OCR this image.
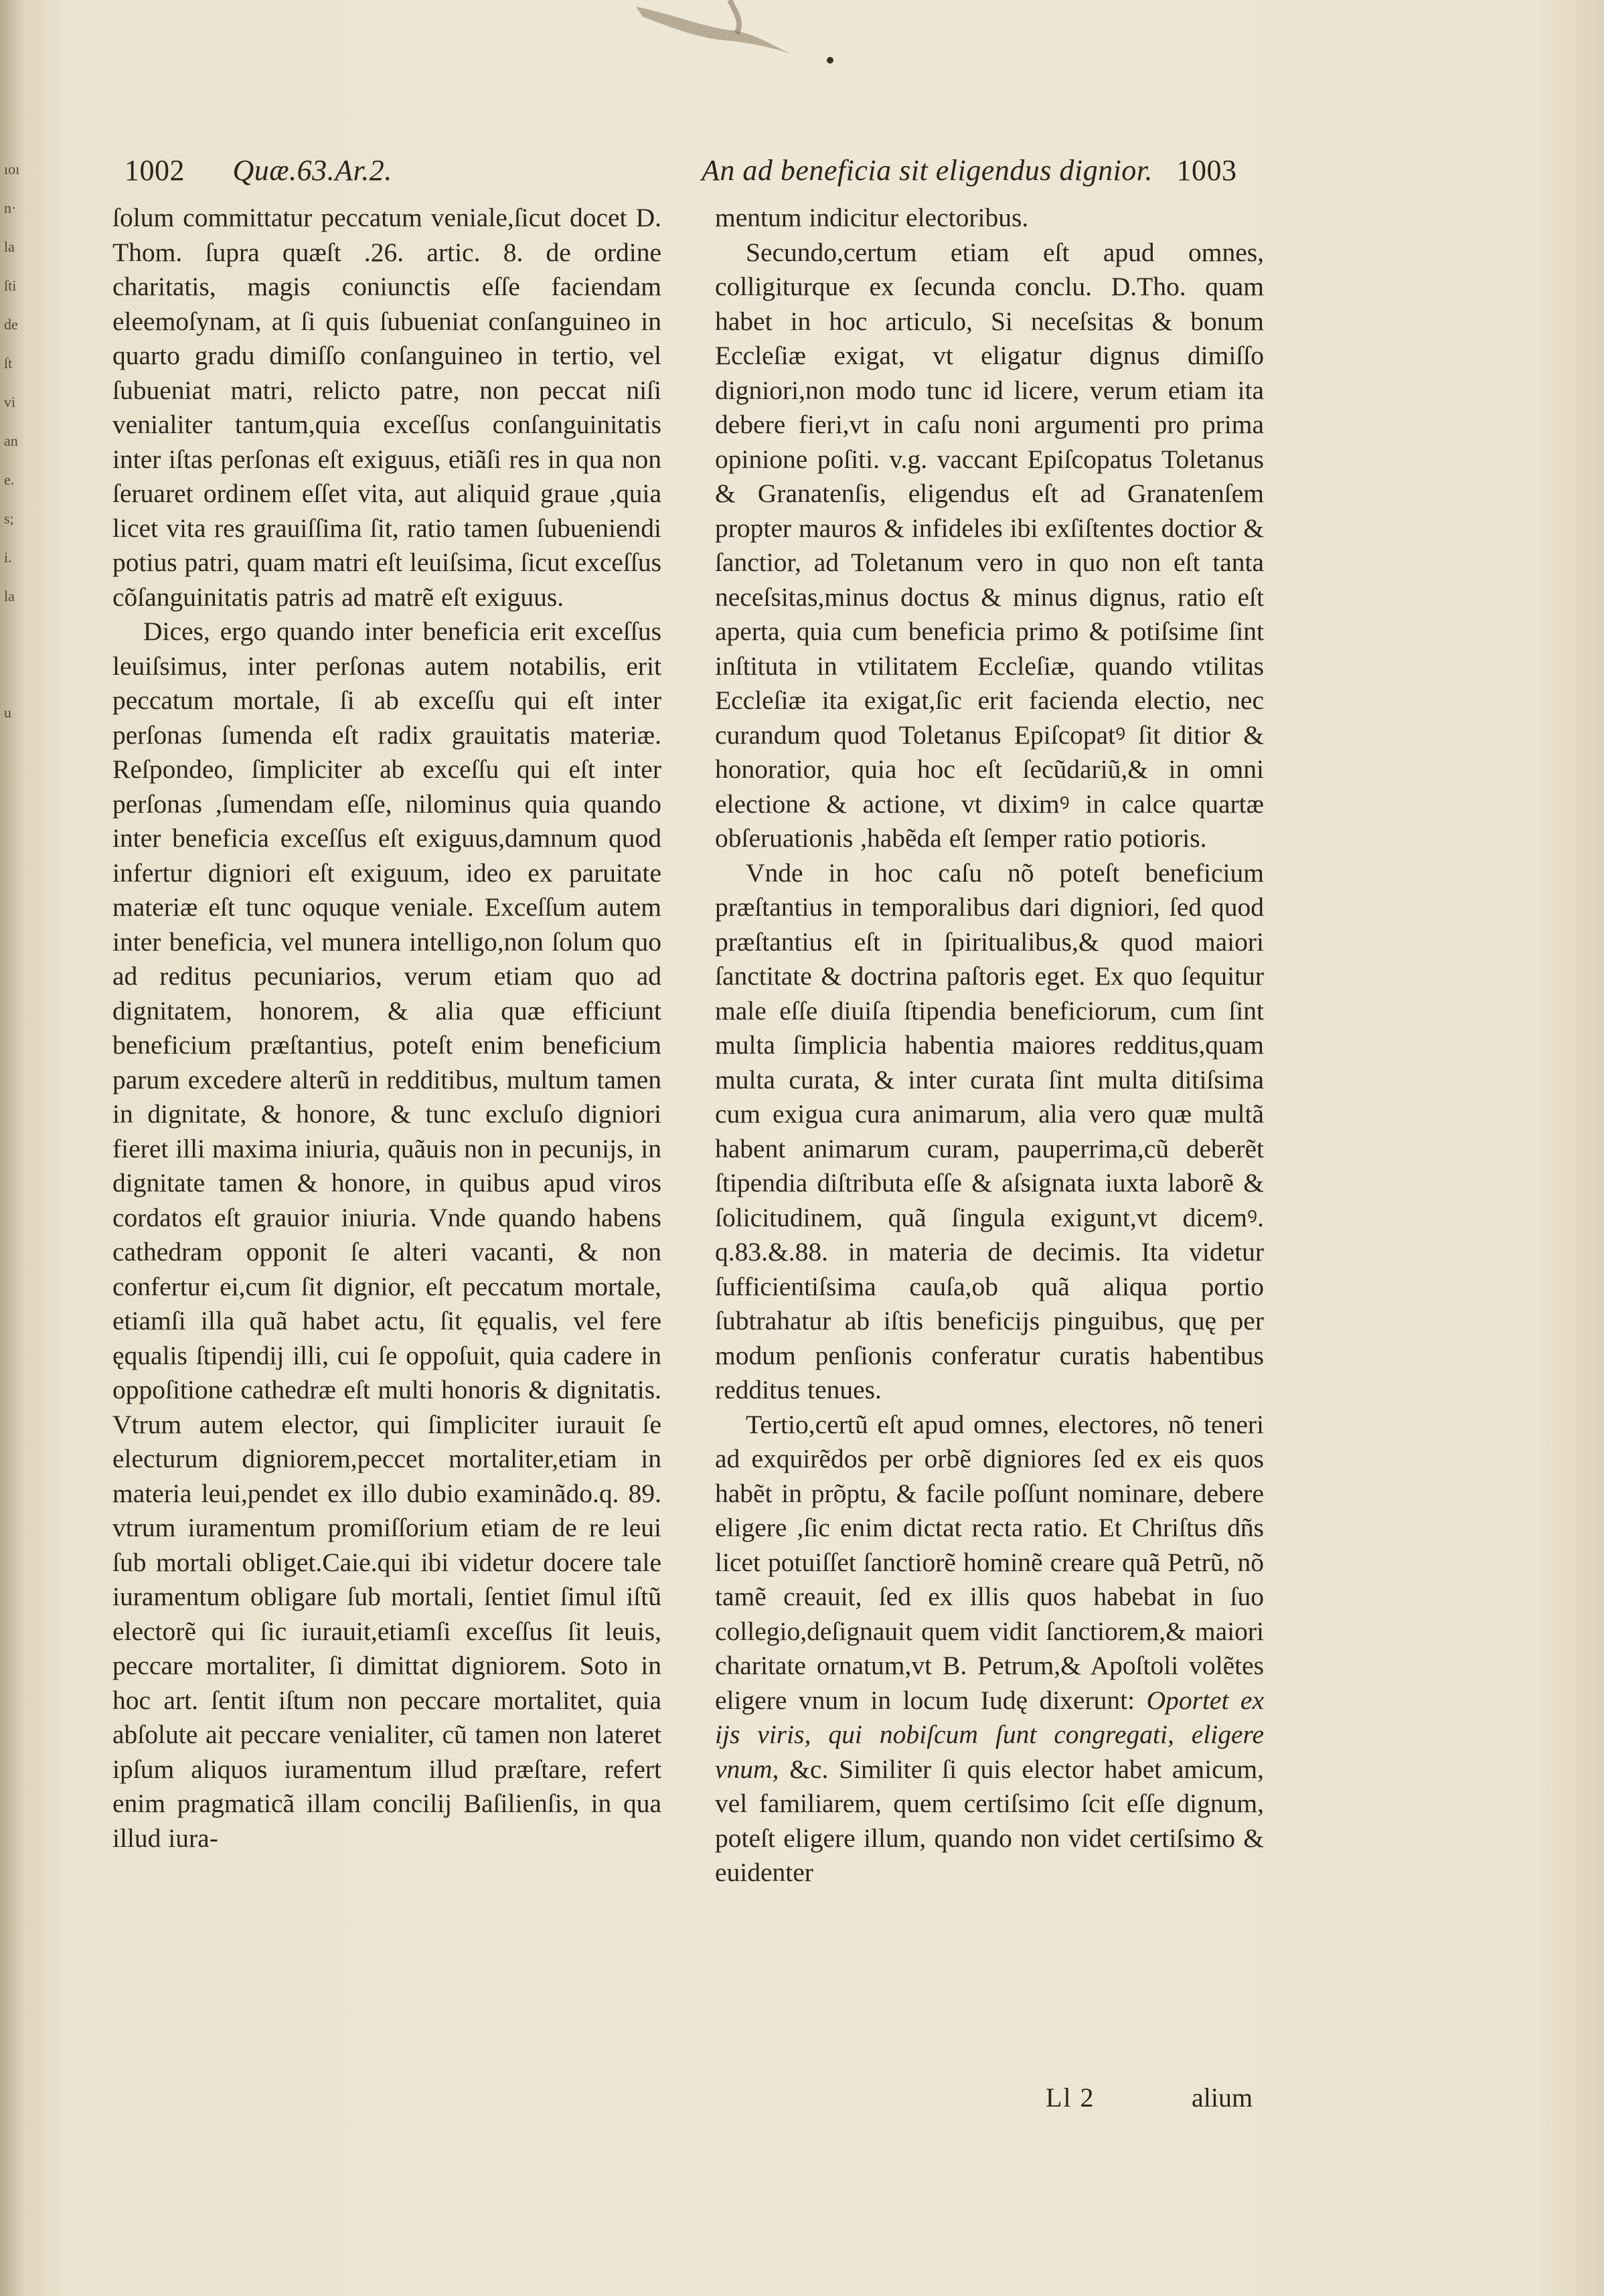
ıoı
n·
la
ſti
de
ſt
vi
an
e.
s;
i.
la
u
1002 Quæ.63.Ar.2.	An ad beneficia sit eligendus dignior. 1003

ſolum committatur peccatum veniale,ſicut docet D. Thom. ſupra quæſt .26. artic. 8. de ordine charitatis, magis coniunctis eſſe faciendam eleemoſynam, at ſi quis ſubueniat conſanguineo in quarto gradu dimiſſo conſanguineo in tertio, vel ſubueniat matri, relicto patre, non peccat niſi venialiter tantum,quia exceſſus conſanguinitatis inter iſtas perſonas eſt exiguus, etiãſi res in qua non ſeruaret ordinem eſſet vita, aut aliquid graue ,quia licet vita res grauiſſima ſit, ratio tamen ſubueniendi potius patri, quam matri eſt leuiſsima, ſicut exceſſus cõſanguinitatis patris ad matrẽ eſt exiguus.

Dices, ergo quando inter beneficia erit exceſſus leuiſsimus, inter perſonas autem notabilis, erit peccatum mortale, ſi ab exceſſu qui eſt inter perſonas ſumenda eſt radix grauitatis materiæ. Reſpondeo, ſimpliciter ab exceſſu qui eſt inter perſonas ,ſumendam eſſe, nilominus quia quando inter beneficia exceſſus eſt exiguus,damnum quod infertur digniori eſt exiguum, ideo ex paruitate materiæ eſt tunc oquque veniale. Exceſſum autem inter beneficia, vel munera intelligo,non ſolum quo ad reditus pecuniarios, verum etiam quo ad dignitatem, honorem, & alia quæ efficiunt beneficium præſtantius, poteſt enim beneficium parum excedere alterũ in redditibus, multum tamen in dignitate, & honore, & tunc excluſo digniori fieret illi maxima iniuria, quãuis non in pecunijs, in dignitate tamen & honore, in quibus apud viros cordatos eſt grauior iniuria. Vnde quando habens cathedram opponit ſe alteri vacanti, & non confertur ei,cum ſit dignior, eſt peccatum mortale, etiamſi illa quã habet actu, ſit ęqualis, vel fere ęqualis ſtipendij illi, cui ſe oppoſuit, quia cadere in oppoſitione cathedræ eſt multi honoris & dignitatis. Vtrum autem elector, qui ſimpliciter iurauit ſe electurum digniorem,peccet mortaliter,etiam in materia leui,pendet ex illo dubio examinãdo.q. 89. vtrum iuramentum promiſſorium etiam de re leui ſub mortali obliget.Caie.qui ibi videtur docere tale iuramentum obligare ſub mortali, ſentiet ſimul iſtũ electorẽ qui ſic iurauit,etiamſi exceſſus ſit leuis, peccare mortaliter, ſi dimittat digniorem. Soto in hoc art. ſentit iſtum non peccare mortalitet, quia abſolute ait peccare venialiter, cũ tamen non lateret ipſum aliquos iuramentum illud præſtare, refert enim pragmaticã illam concilij Baſilienſis, in qua illud iura-

mentum indicitur electoribus.

Secundo,certum etiam eſt apud omnes, colligiturque ex ſecunda conclu. D.Tho. quam habet in hoc articulo, Si neceſsitas & bonum Eccleſiæ exigat, vt eligatur dignus dimiſſo digniori,non modo tunc id licere, verum etiam ita debere fieri,vt in caſu noni argumenti pro prima opinione poſiti. v.g. vaccant Epiſcopatus Toletanus & Granatenſis, eligendus eſt ad Granatenſem propter mauros & infideles ibi exſiſtentes doctior & ſanctior, ad Toletanum vero in quo non eſt tanta neceſsitas,minus doctus & minus dignus, ratio eſt aperta, quia cum beneficia primo & potiſsime ſint inſtituta in vtilitatem Eccleſiæ, quando vtilitas Eccleſiæ ita exigat,ſic erit facienda electio, nec curandum quod Toletanus Epiſcopatꝰ ſit ditior & honoratior, quia hoc eſt ſecũdariũ,& in omni electione & actione, vt diximꝰ in calce quartæ obſeruationis ,habẽda eſt ſemper ratio potioris.

Vnde in hoc caſu nõ poteſt beneficium præſtantius in temporalibus dari digniori, ſed quod præſtantius eſt in ſpiritualibus,& quod maiori ſanctitate & doctrina paſtoris eget. Ex quo ſequitur male eſſe diuiſa ſtipendia beneficiorum, cum ſint multa ſimplicia habentia maiores redditus,quam multa curata, & inter curata ſint multa ditiſsima cum exigua cura animarum, alia vero quæ multã habent animarum curam, pauperrima,cũ deberẽt ſtipendia diſtributa eſſe & aſsignata iuxta laborẽ & ſolicitudinem, quã ſingula exigunt,vt dicemꝰ. q.83.&.88. in materia de decimis. Ita videtur ſufficientiſsima cauſa,ob quã aliqua portio ſubtrahatur ab iſtis beneficijs pinguibus, quę per modum penſionis conferatur curatis habentibus redditus tenues.

Tertio,certũ eſt apud omnes, electores, nõ teneri ad exquirẽdos per orbẽ digniores ſed ex eis quos habẽt in prõptu, & facile poſſunt nominare, debere eligere ,ſic enim dictat recta ratio. Et Chriſtus dñs licet potuiſſet ſanctiorẽ hominẽ creare quã Petrũ, nõ tamẽ creauit, ſed ex illis quos habebat in ſuo collegio,deſignauit quem vidit ſanctiorem,& maiori charitate ornatum,vt B. Petrum,& Apoſtoli volẽtes eligere vnum in locum Iudę dixerunt: Oportet ex ijs viris, qui nobiſcum ſunt congregati, eligere vnum, &c. Similiter ſi quis elector habet amicum, vel familiarem, quem certiſsimo ſcit eſſe dignum, poteſt eligere illum, quando non videt certiſsimo & euidenter

Ll 2	alium
